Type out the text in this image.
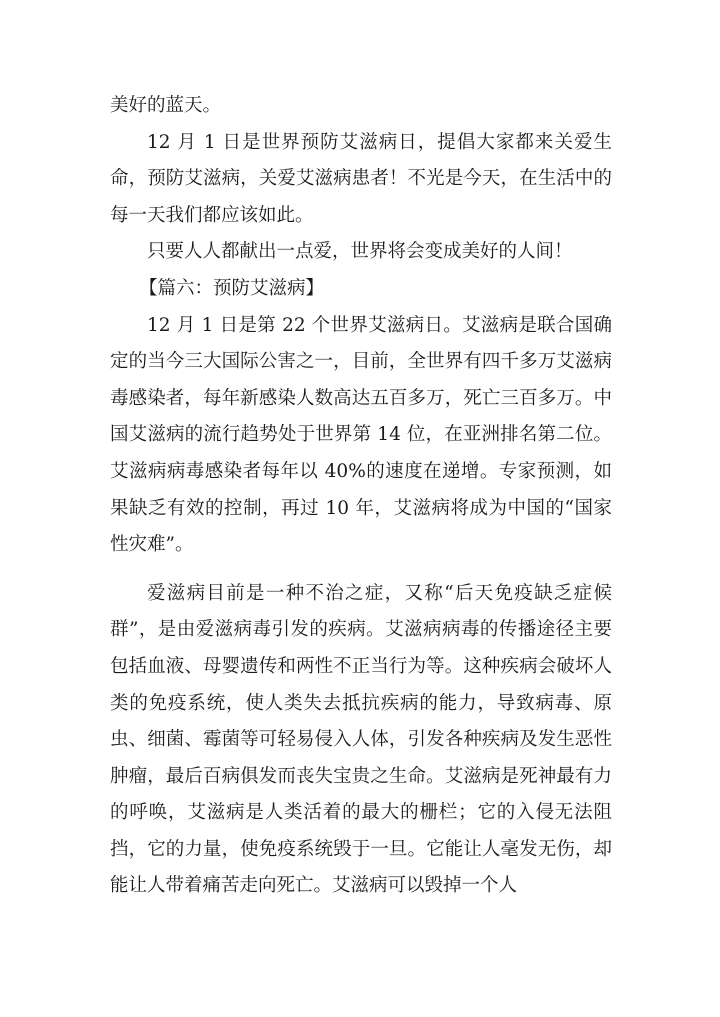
美好的蓝天。

12 月 1 日是世界预防艾滋病日，提倡大家都来关爱生命，预防艾滋病，关爱艾滋病患者！不光是今天，在生活中的每一天我们都应该如此。

只要人人都献出一点爱，世界将会变成美好的人间！

【篇六：预防艾滋病】

12 月 1 日是第 22 个世界艾滋病日。艾滋病是联合国确定的当今三大国际公害之一，目前，全世界有四千多万艾滋病毒感染者，每年新感染人数高达五百多万，死亡三百多万。中国艾滋病的流行趋势处于世界第 14 位，在亚洲排名第二位。艾滋病病毒感染者每年以 40%的速度在递增。专家预测，如果缺乏有效的控制，再过 10 年，艾滋病将成为中国的“国家性灾难”。

爱滋病目前是一种不治之症，又称“后天免疫缺乏症候群”，是由爱滋病毒引发的疾病。艾滋病病毒的传播途径主要包括血液、母婴遗传和两性不正当行为等。这种疾病会破坏人类的免疫系统，使人类失去抵抗疾病的能力，导致病毒、原虫、细菌、霉菌等可轻易侵入人体，引发各种疾病及发生恶性肿瘤，最后百病俱发而丧失宝贵之生命。艾滋病是死神最有力的呼唤，艾滋病是人类活着的最大的栅栏；它的入侵无法阻挡，它的力量，使免疫系统毁于一旦。它能让人毫发无伤，却能让人带着痛苦走向死亡。艾滋病可以毁掉一个人
